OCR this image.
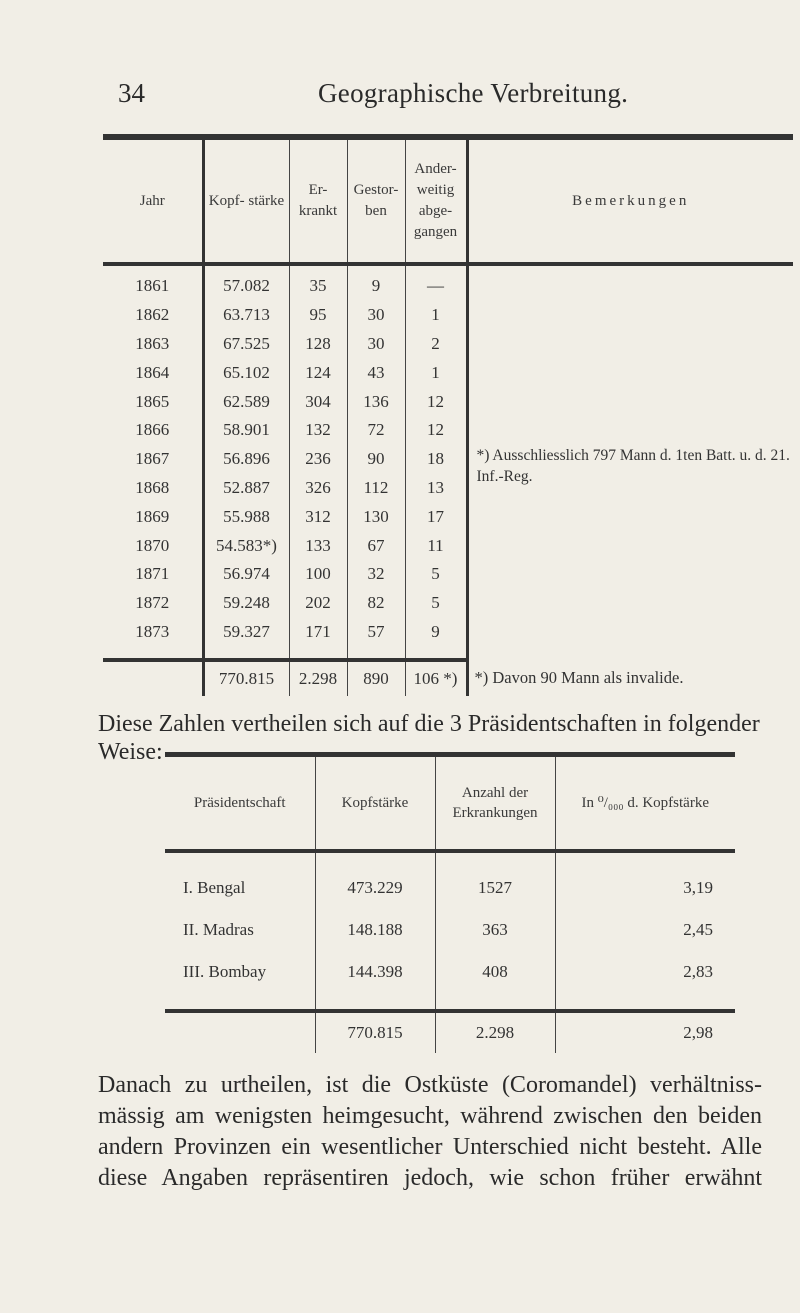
34	Geographische Verbreitung.
Jahr	Kopf- stärke	Er- krankt	Gestor- ben	Ander- weitig abge- gangen	Bemerkungen
1861	57.082	35	9	—	*) Ausschliesslich 797 Mann d. 1ten Batt. u. d. 21. Inf.-Reg.
1862	63.713	95	30	1	
1863	67.525	128	30	2	
1864	65.102	124	43	1	
1865	62.589	304	136	12	
1866	58.901	132	72	12	
1867	56.896	236	90	18	
1868	52.887	326	112	13	
1869	55.988	312	130	17	
1870	54.583*)	133	67	11	
1871	56.974	100	32	5	
1872	59.248	202	82	5	
1873	59.327	171	57	9	

	770.815	2.298	890	106 *)	*) Davon 90 Mann als invalide.
Diese Zahlen vertheilen sich auf die 3 Präsidentschaften in folgender Weise:
Präsidentschaft	Kopfstärke	Anzahl der Erkrankungen	In ⁰/₀₀₀ d. Kopfstärke
I. Bengal	473.229	1527	3,19
II. Madras	148.188	363	2,45
III. Bombay	144.398	408	2,83

	770.815	2.298	2,98
Danach zu urtheilen, ist die Ostküste (Coromandel) verhältniss-
mässig am wenigsten heimgesucht, während zwischen den beiden
andern Provinzen ein wesentlicher Unterschied nicht besteht. Alle
diese Angaben repräsentiren jedoch, wie schon früher erwähnt
